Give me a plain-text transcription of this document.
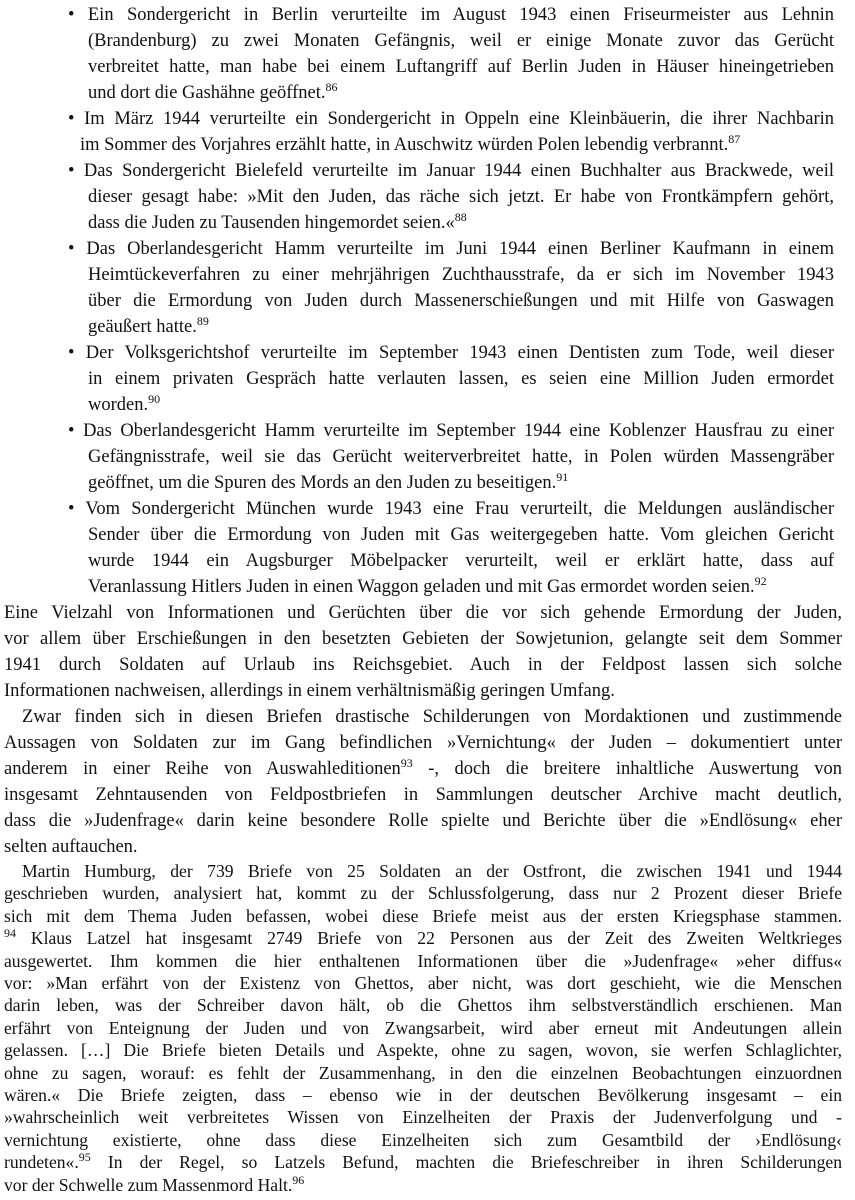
• Ein Sondergericht in Berlin verurteilte im August 1943 einen Friseurmeister aus Lehnin
(Brandenburg) zu zwei Monaten Gefängnis, weil er einige Monate zuvor das Gerücht
verbreitet hatte, man habe bei einem Luftangriff auf Berlin Juden in Häuser hineingetrieben
und dort die Gashähne geöffnet.$^{86}$
• Im März 1944 verurteilte ein Sondergericht in Oppeln eine Kleinbäuerin, die ihrer Nachbarin
im Sommer des Vorjahres erzählt hatte, in Auschwitz würden Polen lebendig verbrannt.$^{87}$
• Das Sondergericht Bielefeld verurteilte im Januar 1944 einen Buchhalter aus Brackwede, weil
dieser gesagt habe: »Mit den Juden, das räche sich jetzt. Er habe von Frontkämpfern gehört,
dass die Juden zu Tausenden hingemordet seien.«$^{88}$
• Das Oberlandesgericht Hamm verurteilte im Juni 1944 einen Berliner Kaufmann in einem
Heimtückeverfahren zu einer mehrjährigen Zuchthausstrafe, da er sich im November 1943
über die Ermordung von Juden durch Massenerschießungen und mit Hilfe von Gaswagen
geäußert hatte.$^{89}$
• Der Volksgerichtshof verurteilte im September 1943 einen Dentisten zum Tode, weil dieser
in einem privaten Gespräch hatte verlauten lassen, es seien eine Million Juden ermordet
worden.$^{90}$
• Das Oberlandesgericht Hamm verurteilte im September 1944 eine Koblenzer Hausfrau zu einer
Gefängnisstrafe, weil sie das Gerücht weiterverbreitet hatte, in Polen würden Massengräber
geöffnet, um die Spuren des Mords an den Juden zu beseitigen.$^{91}$
• Vom Sondergericht München wurde 1943 eine Frau verurteilt, die Meldungen ausländischer
Sender über die Ermordung von Juden mit Gas weitergegeben hatte. Vom gleichen Gericht
wurde 1944 ein Augsburger Möbelpacker verurteilt, weil er erklärt hatte, dass auf
Veranlassung Hitlers Juden in einen Waggon geladen und mit Gas ermordet worden seien.$^{92}$
Eine Vielzahl von Informationen und Gerüchten über die vor sich gehende Ermordung der Juden,
vor allem über Erschießungen in den besetzten Gebieten der Sowjetunion, gelangte seit dem Sommer
1941 durch Soldaten auf Urlaub ins Reichsgebiet. Auch in der Feldpost lassen sich solche
Informationen nachweisen, allerdings in einem verhältnismäßig geringen Umfang.
Zwar finden sich in diesen Briefen drastische Schilderungen von Mordaktionen und zustimmende
Aussagen von Soldaten zur im Gang befindlichen »Vernichtung« der Juden – dokumentiert unter
anderem in einer Reihe von Auswahleditionen$^{93}$ -, doch die breitere inhaltliche Auswertung von
insgesamt Zehntausenden von Feldpostbriefen in Sammlungen deutscher Archive macht deutlich,
dass die »Judenfrage« darin keine besondere Rolle spielte und Berichte über die »Endlösung« eher
selten auftauchen.
Martin Humburg, der 739 Briefe von 25 Soldaten an der Ostfront, die zwischen 1941 und 1944
geschrieben wurden, analysiert hat, kommt zu der Schlussfolgerung, dass nur 2 Prozent dieser Briefe
sich mit dem Thema Juden befassen, wobei diese Briefe meist aus der ersten Kriegsphase stammen.
$^{94}$ Klaus Latzel hat insgesamt 2749 Briefe von 22 Personen aus der Zeit des Zweiten Weltkrieges
ausgewertet. Ihm kommen die hier enthaltenen Informationen über die »Judenfrage« »eher diffus«
vor: »Man erfährt von der Existenz von Ghettos, aber nicht, was dort geschieht, wie die Menschen
darin leben, was der Schreiber davon hält, ob die Ghettos ihm selbstverständlich erschienen. Man
erfährt von Enteignung der Juden und von Zwangsarbeit, wird aber erneut mit Andeutungen allein
gelassen. […] Die Briefe bieten Details und Aspekte, ohne zu sagen, wovon, sie werfen Schlaglichter,
ohne zu sagen, worauf: es fehlt der Zusammenhang, in den die einzelnen Beobachtungen einzuordnen
wären.« Die Briefe zeigten, dass – ebenso wie in der deutschen Bevölkerung insgesamt – ein
»wahrscheinlich weit verbreitetes Wissen von Einzelheiten der Praxis der Judenverfolgung und -
vernichtung existierte, ohne dass diese Einzelheiten sich zum Gesamtbild der ›Endlösung‹
rundeten«.$^{95}$ In der Regel, so Latzels Befund, machten die Briefeschreiber in ihren Schilderungen
vor der Schwelle zum Massenmord Halt.$^{96}$
